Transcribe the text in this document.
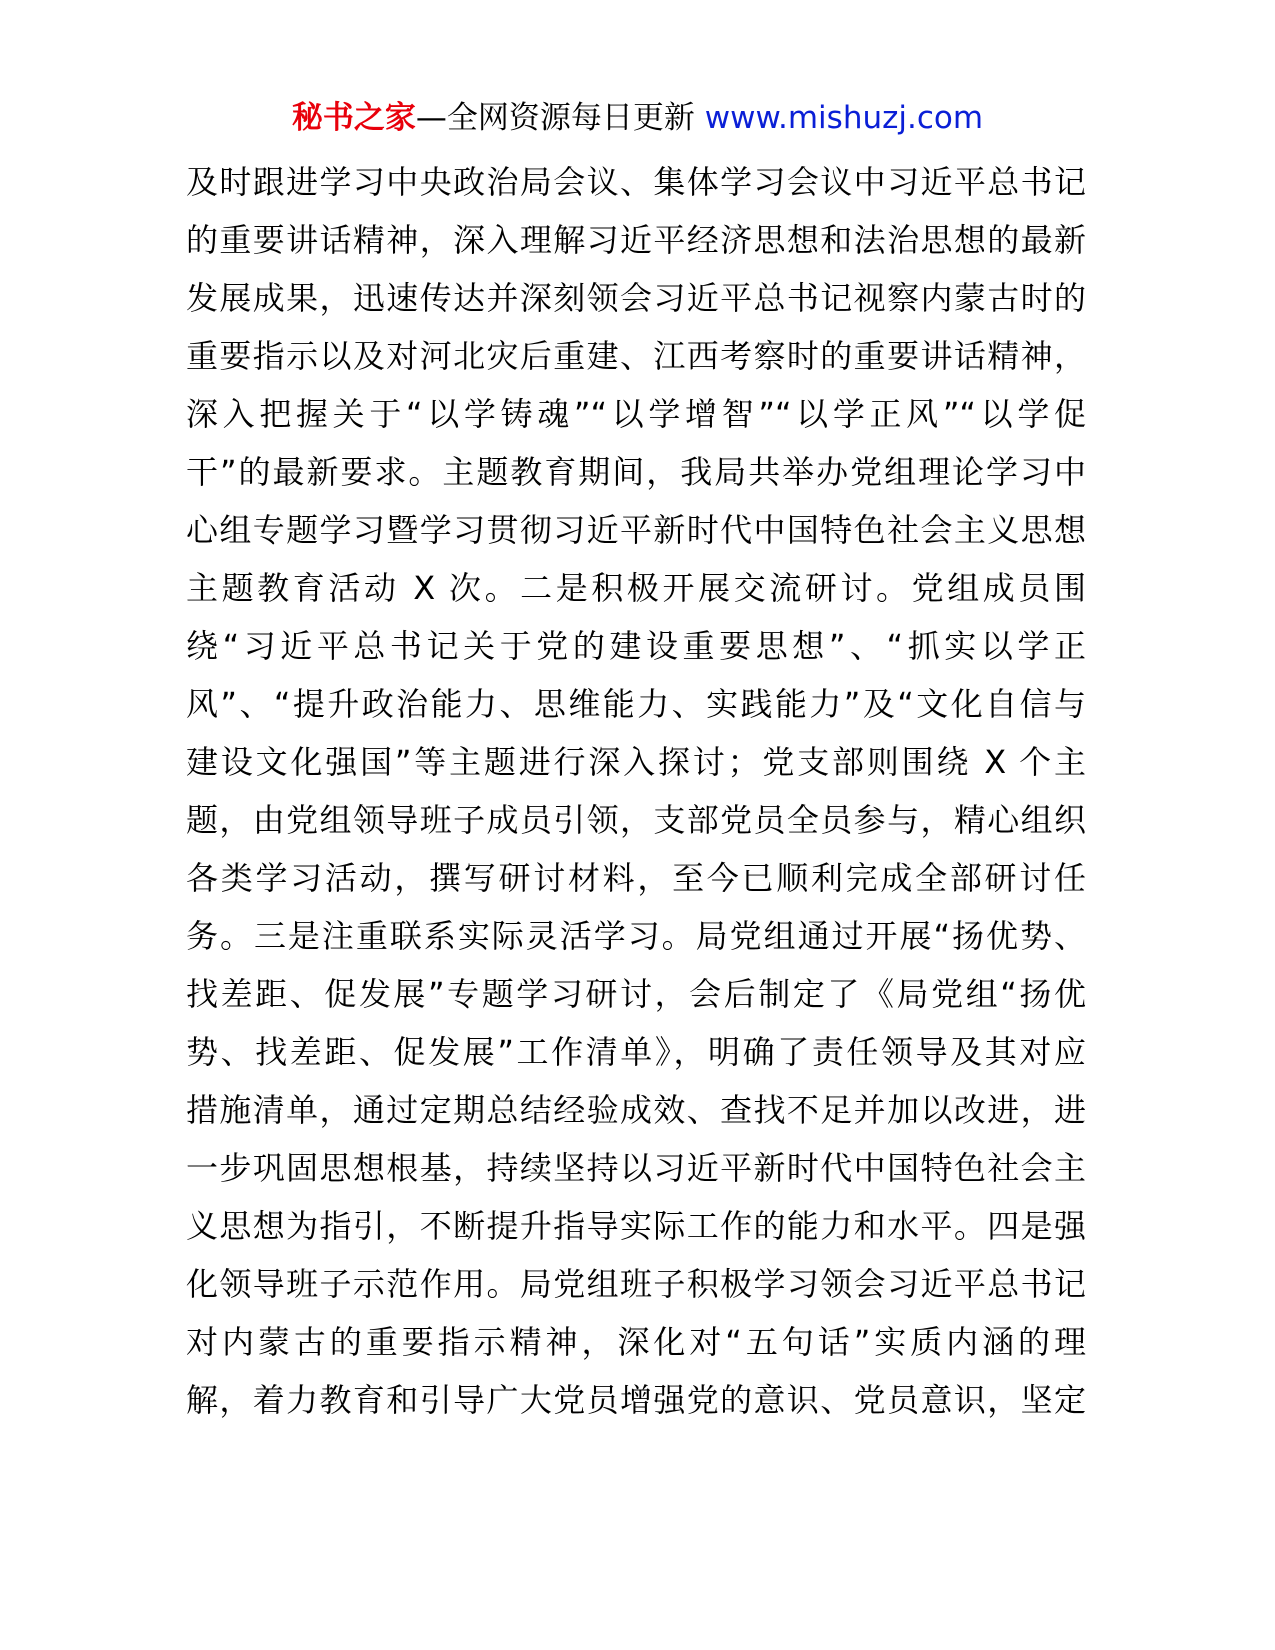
秘书之家—全网资源每日更新 www.mishuzj.com
及时跟进学习中央政治局会议、集体学习会议中习近平总书记
的重要讲话精神，深入理解习近平经济思想和法治思想的最新
发展成果，迅速传达并深刻领会习近平总书记视察内蒙古时的
重要指示以及对河北灾后重建、江西考察时的重要讲话精神，
深入把握关于“以学铸魂”“以学增智”“以学正风”“以学促
干”的最新要求。主题教育期间，我局共举办党组理论学习中
心组专题学习暨学习贯彻习近平新时代中国特色社会主义思想
主题教育活动 X 次。二是积极开展交流研讨。党组成员围
绕“习近平总书记关于党的建设重要思想”、“抓实以学正
风”、“提升政治能力、思维能力、实践能力”及“文化自信与
建设文化强国”等主题进行深入探讨；党支部则围绕 X 个主
题，由党组领导班子成员引领，支部党员全员参与，精心组织
各类学习活动，撰写研讨材料，至今已顺利完成全部研讨任
务。三是注重联系实际灵活学习。局党组通过开展“扬优势、
找差距、促发展”专题学习研讨，会后制定了《局党组“扬优
势、找差距、促发展”工作清单》，明确了责任领导及其对应
措施清单，通过定期总结经验成效、查找不足并加以改进，进
一步巩固思想根基，持续坚持以习近平新时代中国特色社会主
义思想为指引，不断提升指导实际工作的能力和水平。四是强
化领导班子示范作用。局党组班子积极学习领会习近平总书记
对内蒙古的重要指示精神，深化对“五句话”实质内涵的理
解，着力教育和引导广大党员增强党的意识、党员意识，坚定
